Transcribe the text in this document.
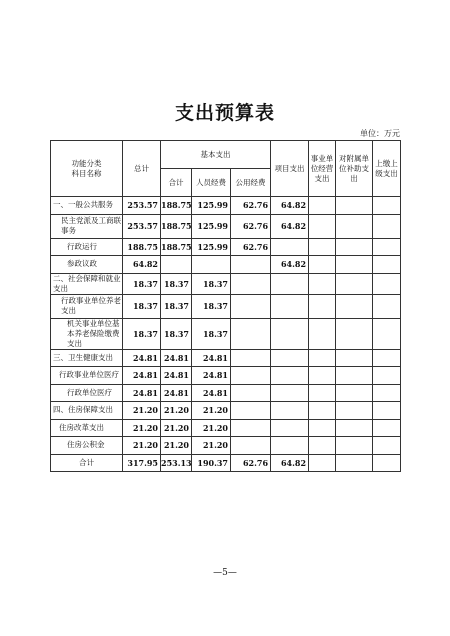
支出预算表
单位：万元
功能分类
科目名称	总计	基本支出			项目支出	事业单位经营支出	对附属单位补助支出	上缴上级支出
		合计	人员经费	公用经费				
一、一般公共服务	253.57	188.75	125.99	62.76	64.82			
民主党派及工商联事务	253.57	188.75	125.99	62.76	64.82			
行政运行	188.75	188.75	125.99	62.76				
参政议政	64.82				64.82			
二、社会保障和就业支出	18.37	18.37	18.37					
行政事业单位养老支出	18.37	18.37	18.37					
机关事业单位基本养老保险缴费支出	18.37	18.37	18.37					
三、卫生健康支出	24.81	24.81	24.81					
行政事业单位医疗	24.81	24.81	24.81					
行政单位医疗	24.81	24.81	24.81					
四、住房保障支出	21.20	21.20	21.20					
住房改革支出	21.20	21.20	21.20					
住房公积金	21.20	21.20	21.20					
合计	317.95	253.13	190.37	62.76	64.82			
—5—
